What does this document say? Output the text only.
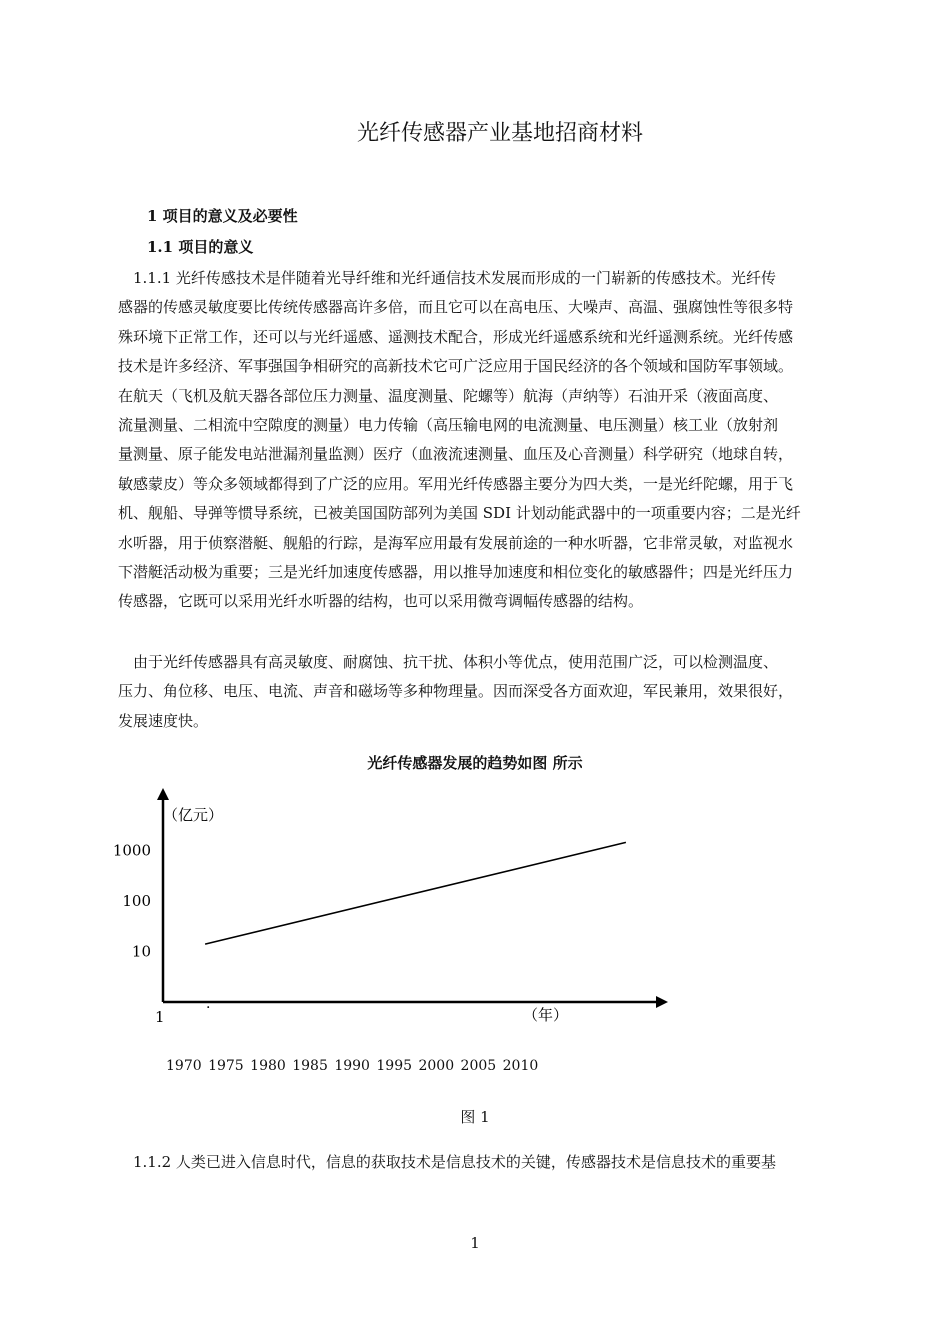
光纤传感器产业基地招商材料
1 项目的意义及必要性
1.1 项目的意义
　1.1.1 光纤传感技术是伴随着光导纤维和光纤通信技术发展而形成的一门崭新的传感技术。光纤传
感器的传感灵敏度要比传统传感器高许多倍，而且它可以在高电压、大噪声、高温、强腐蚀性等很多特
殊环境下正常工作，还可以与光纤遥感、遥测技术配合，形成光纤遥感系统和光纤遥测系统。光纤传感
技术是许多经济、军事强国争相研究的高新技术它可广泛应用于国民经济的各个领域和国防军事领域。
在航天（飞机及航天器各部位压力测量、温度测量、陀螺等）航海（声纳等）石油开采（液面高度、
流量测量、二相流中空隙度的测量）电力传输（高压输电网的电流测量、电压测量）核工业（放射剂
量测量、原子能发电站泄漏剂量监测）医疗（血液流速测量、血压及心音测量）科学研究（地球自转，
敏感蒙皮）等众多领域都得到了广泛的应用。军用光纤传感器主要分为四大类，一是光纤陀螺，用于飞
机、舰船、导弹等惯导系统，已被美国国防部列为美国 SDI 计划动能武器中的一项重要内容；二是光纤
水听器，用于侦察潜艇、舰船的行踪，是海军应用最有发展前途的一种水听器，它非常灵敏，对监视水
下潜艇活动极为重要；三是光纤加速度传感器，用以推导加速度和相位变化的敏感器件；四是光纤压力
传感器，它既可以采用光纤水听器的结构，也可以采用微弯调幅传感器的结构。
　由于光纤传感器具有高灵敏度、耐腐蚀、抗干扰、体积小等优点，使用范围广泛，可以检测温度、
压力、角位移、电压、电流、声音和磁场等多种物理量。因而深受各方面欢迎，军民兼用，效果很好，
发展速度快。
光纤传感器发展的趋势如图 所示
（亿元）
（年）
1	·
10
100
1000
1970 1975 1980 1985 1990 1995 2000 2005 2010
图 1
　1.1.2 人类已进入信息时代，信息的获取技术是信息技术的关键，传感器技术是信息技术的重要基
1
